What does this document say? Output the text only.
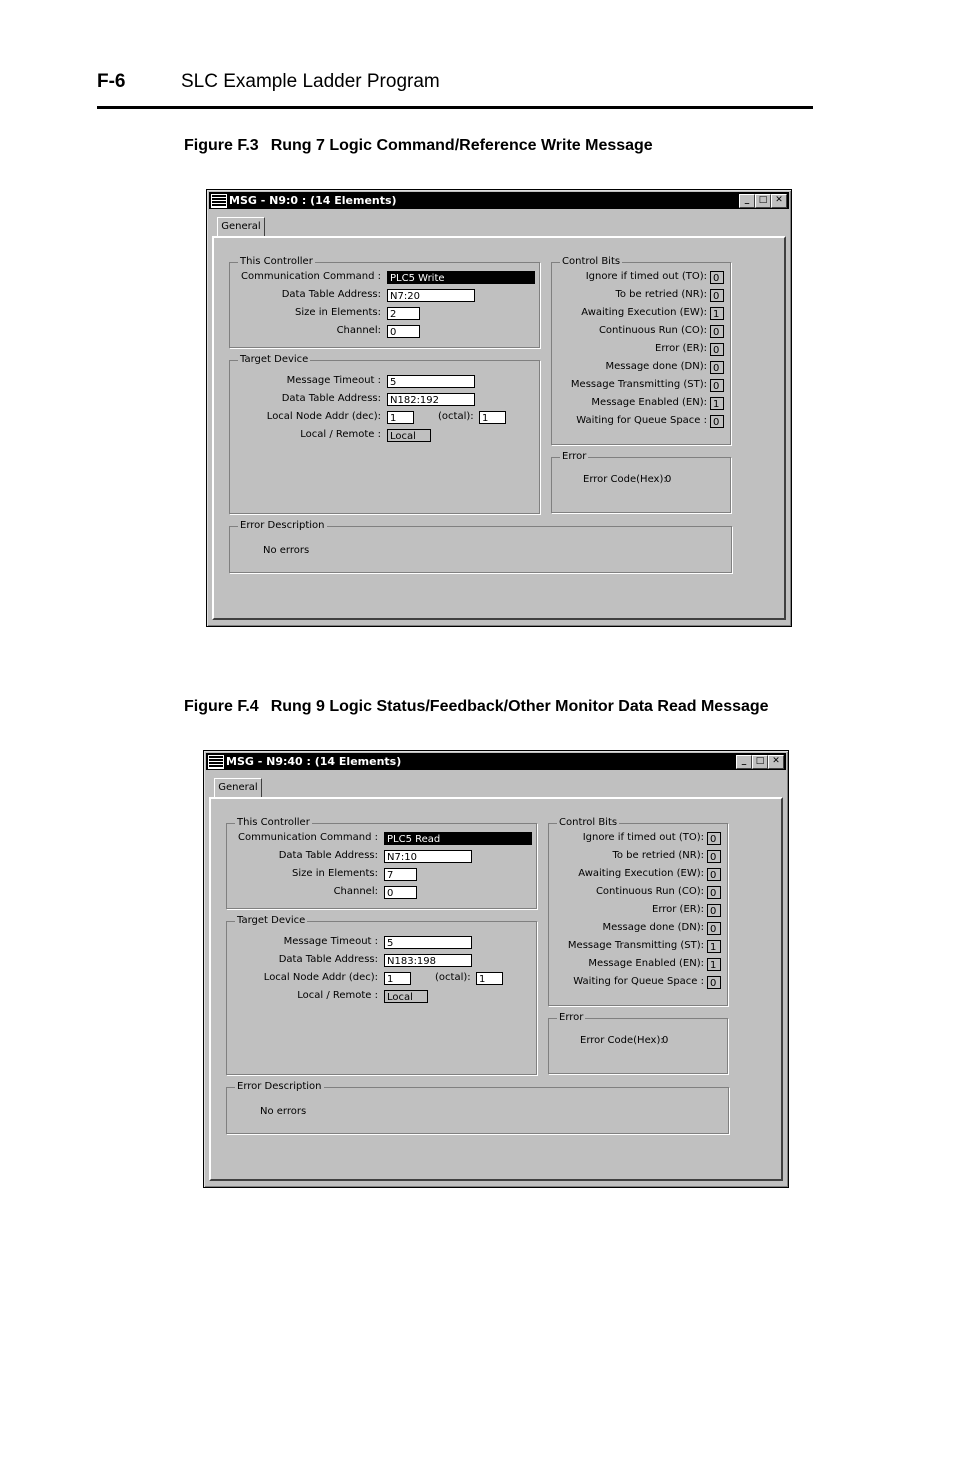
F-6	SLC Example Ladder Program
Figure F.3 Rung 7 Logic Command/Reference Write Message
MSG - N9:0 : (14 Elements)	_	□ ✕
General
This Controller
Communication Command : PLC5 Write
Data Table Address: N7:20
Size in Elements: 2
Channel: 0
Target Device
Message Timeout : 5
Data Table Address: N182:192
Local Node Addr (dec): 1	(octal): 1
Local / Remote : Local
Control Bits
Ignore if timed out (TO): 0
To be retried (NR): 0
Awaiting Execution (EW): 1
Continuous Run (CO): 0
Error (ER): 0
Message done (DN): 0
Message Transmitting (ST): 0
Message Enabled (EN): 1
Waiting for Queue Space : 0
Error
Error Code(Hex):
0
Error Description
No errors
Figure F.4 Rung 9 Logic Status/Feedback/Other Monitor Data Read Message
MSG - N9:40 : (14 Elements)	_	□ ✕
General
This Controller
Communication Command : PLC5 Read
Data Table Address: N7:10
Size in Elements: 7
Channel: 0
Target Device
Message Timeout : 5
Data Table Address: N183:198
Local Node Addr (dec): 1	(octal): 1
Local / Remote : Local
Control Bits
Ignore if timed out (TO): 0
To be retried (NR): 0
Awaiting Execution (EW): 0
Continuous Run (CO): 0
Error (ER): 0
Message done (DN): 0
Message Transmitting (ST): 1
Message Enabled (EN): 1
Waiting for Queue Space : 0
Error
Error Code(Hex):
0
Error Description
No errors
